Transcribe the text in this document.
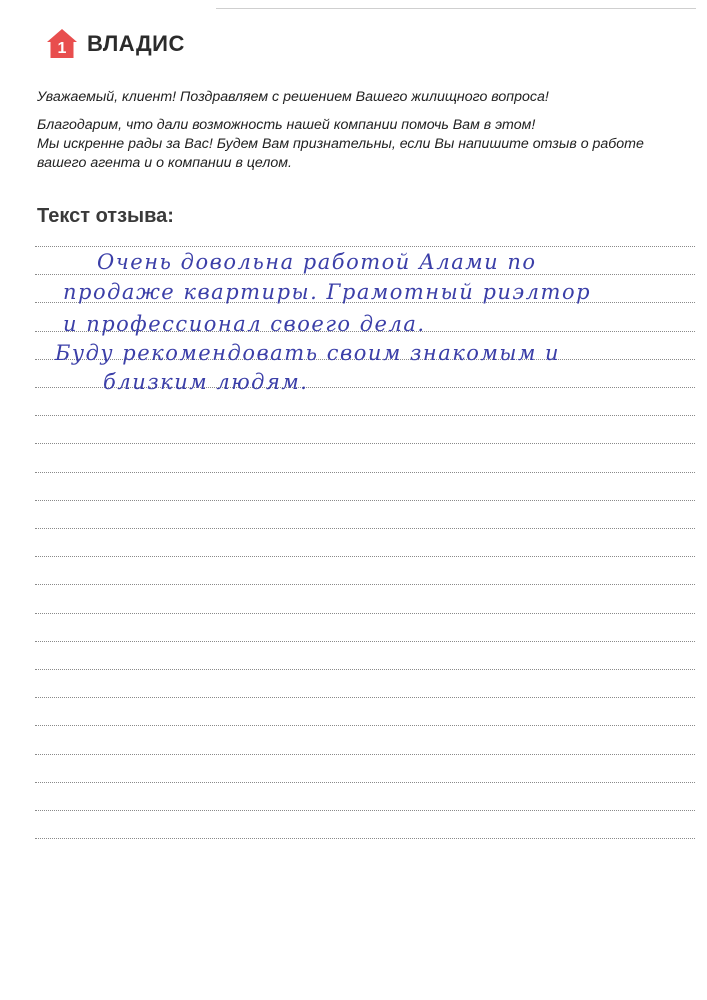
1 ВЛАДИС

Уважаемый, клиент! Поздравляем с решением Вашего жилищного вопроса!

Благодарим, что дали возможность нашей компании помочь Вам в этом!
Мы искренне рады за Вас! Будем Вам признательны, если Вы напишите отзыв о работе
вашего агента и о компании в целом.

Текст отзыва:
Очень довольна работой Алами по
продаже квартиры. Грамотный риэлтор
и профессионал своего дела.
Буду рекомендовать своим знакомым и
близким людям.
